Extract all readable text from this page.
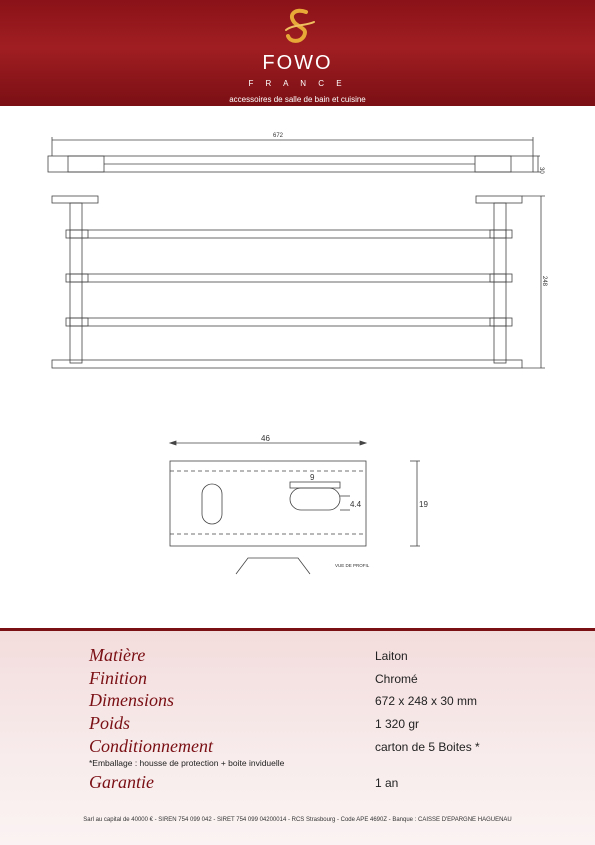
FOWO
F R A N C E
accessoires de salle de bain et cuisine
672
30
248
46
9
4.4	19
VUE DE PROFIL
Matière	Laiton
Finition	Chromé
Dimensions	672 x 248 x 30 mm
Poids	1 320 gr
Conditionnement	carton de 5 Boites *
*Emballage : housse de protection + boite inviduelle
Garantie	1 an
Sarl au capital de 40000 € - SIREN 754 099 042 - SIRET 754 099 04200014 - RCS Strasbourg - Code APE 4690Z - Banque : CAISSE D'EPARGNE HAGUENAU
